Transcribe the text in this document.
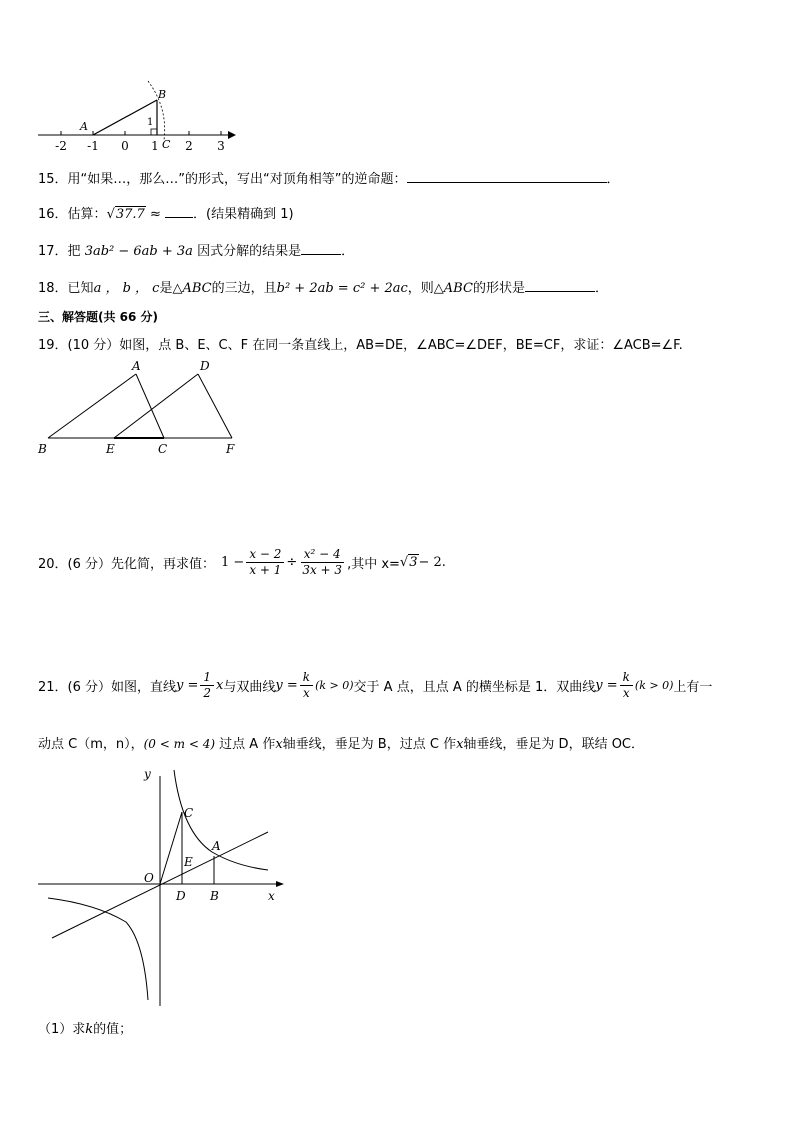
B
A	1
C
-2 -1 0 1 2 3
15．用“如果…，那么…”的形式，写出“对顶角相等”的逆命题：	．
16．估算：√37.7 ≈ ．(结果精确到 1)
17．把 3ab² − 6ab + 3a 因式分解的结果是	．
18．已知a ， b ， c是△ABC的三边，且b² + 2ab = c² + 2ac，则△ABC的形状是	．
三、解答题(共 66 分)
19．(10 分）如图，点 B、E、C、F 在同一条直线上，AB=DE，∠ABC=∠DEF，BE=CF，求证：∠ACB=∠F.
A	D
B	E	C	F
20． (6 分）先化简，再求值： $1 - \frac{x - 2}{x + 1} \div \frac{\text{x² − 4}}{3x + 3}$ ,其中 x= √3 − 2.
21． (6 分）如图，直线 $y = \frac{1}{2}$ x 与双曲线 $y = \frac{k}{x} (k > 0)$ 交于 A 点，且点 A 的横坐标是 1．双曲线 $y = \frac{k}{x} (k > 0)$ 上有一
动点 C（m，n），(0 < m < 4) 过点 A 作x轴垂线，垂足为 B，过点 C 作x轴垂线，垂足为 D，联结 OC．
y
x
O
C
A
E
D B
（1）求k的值；
